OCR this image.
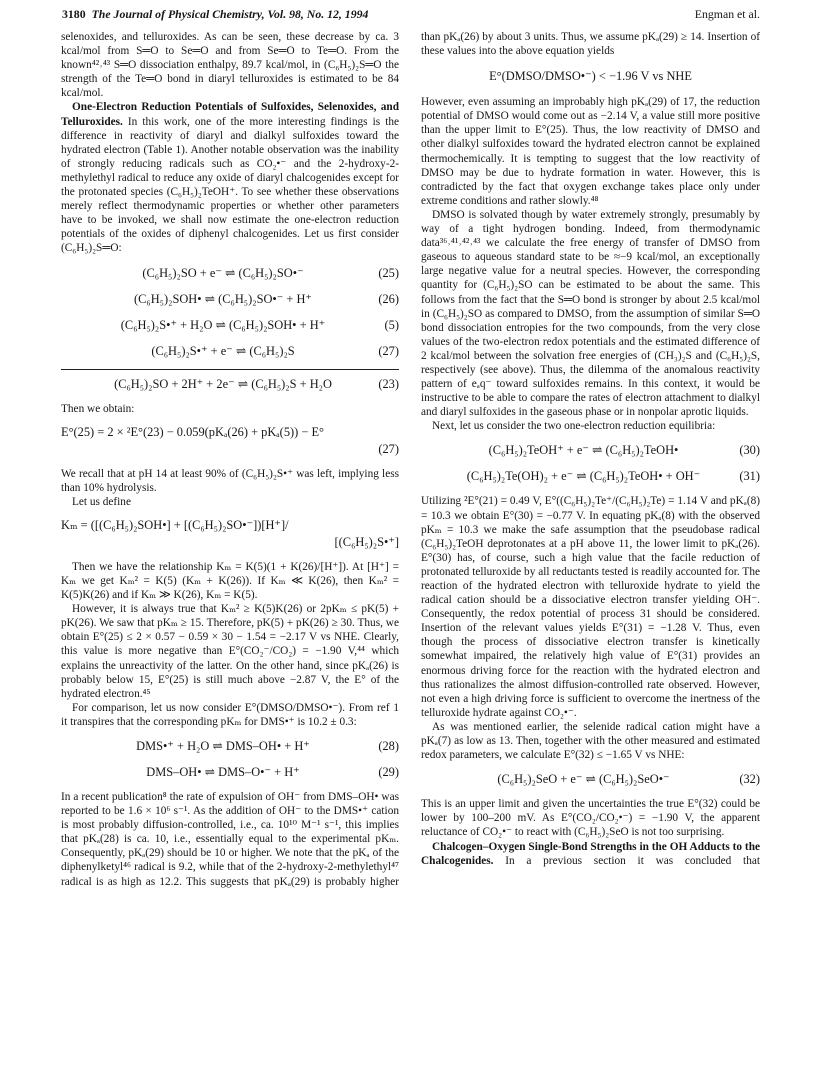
3180 The Journal of Physical Chemistry, Vol. 98, No. 12, 1994	Engman et al.

selenoxides, and telluroxides. As can be seen, these decrease by ca. 3 kcal/mol from S═O to Se═O and from Se═O to Te═O. From the known⁴²˒⁴³ S═O dissociation enthalpy, 89.7 kcal/mol, in (C₆H₅)₂S═O the strength of the Te═O bond in diaryl telluroxides is estimated to be 84 kcal/mol.

One-Electron Reduction Potentials of Sulfoxides, Selenoxides, and Telluroxides. In this work, one of the more interesting findings is the difference in reactivity of diaryl and dialkyl sulfoxides toward the hydrated electron (Table 1). Another notable observation was the inability of strongly reducing radicals such as CO₂•⁻ and the 2-hydroxy-2-methylethyl radical to reduce any oxide of diaryl chalcogenides except for the protonated species (C₆H₅)₂TeOH⁺. To see whether these observations merely reflect thermodynamic properties or whether other parameters have to be invoked, we shall now estimate the one-electron reduction potentials of the oxides of diphenyl chalcogenides. Let us first consider (C₆H₅)₂S═O:

(C₆H₅)₂SO + e⁻ ⇌ (C₆H₅)₂SO•⁻	(25)
(C₆H₅)₂SOH• ⇌ (C₆H₅)₂SO•⁻ + H⁺	(26)
(C₆H₅)₂S•⁺ + H₂O ⇌ (C₆H₅)₂SOH• + H⁺	(5)
(C₆H₅)₂S•⁺ + e⁻ ⇌ (C₆H₅)₂S	(27)
(C₆H₅)₂SO + 2H⁺ + 2e⁻ ⇌ (C₆H₅)₂S + H₂O	(23)

Then we obtain:

E°(25) = 2 × ²E°(23) − 0.059(pKₐ(26) + pKₐ(5)) − E°
(27)

We recall that at pH 14 at least 90% of (C₆H₅)₂S•⁺ was left, implying less than 10% hydrolysis.

Let us define

Kₘ = ([(C₆H₅)₂SOH•] + [(C₆H₅)₂SO•⁻])[H⁺]/
[(C₆H₅)₂S•⁺]

Then we have the relationship Kₘ = K(5)(1 + K(26)/[H⁺]). At [H⁺] = Kₘ we get Kₘ² = K(5) (Kₘ + K(26)). If Kₘ ≪ K(26), then Kₘ² = K(5)K(26) and if Kₘ ≫ K(26), Kₘ = K(5).

However, it is always true that Kₘ² ≥ K(5)K(26) or 2pKₘ ≤ pK(5) + pK(26). We saw that pKₘ ≥ 15. Therefore, pK(5) + pK(26) ≥ 30. Thus, we obtain E°(25) ≤ 2 × 0.57 − 0.59 × 30 − 1.54 = −2.17 V vs NHE. Clearly, this value is more negative than E°(CO₂⁻/CO₂) = −1.90 V,⁴⁴ which explains the unreactivity of the latter. On the other hand, since pKₐ(26) is probably below 15, E°(25) is still much above −2.87 V, the E° of the hydrated electron.⁴⁵

For comparison, let us now consider E°(DMSO/DMSO•⁻). From ref 1 it transpires that the corresponding pKₘ for DMS•⁺ is 10.2 ± 0.3:

DMS•⁺ + H₂O ⇌ DMS–OH• + H⁺	(28)
DMS–OH• ⇌ DMS–O•⁻ + H⁺	(29)

In a recent publication⁸ the rate of expulsion of OH⁻ from DMS–OH• was reported to be 1.6 × 10⁶ s⁻¹. As the addition of OH⁻ to the DMS•⁺ cation is most probably diffusion-controlled, i.e., ca. 10¹⁰ M⁻¹ s⁻¹, this implies that pKₐ(28) is ca. 10, i.e., essentially equal to the experimental pKₘ. Consequently, pKₐ(29) should be 10 or higher. We note that the pKₐ of the diphenylketyl⁴⁶ radical is 9.2, while that of the 2-hydroxy-2-methylethyl⁴⁷ radical is as high as 12.2. This suggests that pKₐ(29) is probably higher

than pKₐ(26) by about 3 units. Thus, we assume pKₐ(29) ≥ 14. Insertion of these values into the above equation yields

E°(DMSO/DMSO•⁻) < −1.96 V vs NHE

However, even assuming an improbably high pKₐ(29) of 17, the reduction potential of DMSO would come out as −2.14 V, a value still more positive than the upper limit to E°(25). Thus, the low reactivity of DMSO and other dialkyl sulfoxides toward the hydrated electron cannot be explained thermochemically. It is tempting to suggest that the low reactivity of DMSO may be due to hydrate formation in water. However, this is contradicted by the fact that oxygen exchange takes place only under extreme conditions and rather slowly.⁴⁸

DMSO is solvated though by water extremely strongly, presumably by way of a tight hydrogen bonding. Indeed, from thermodynamic data³⁶˒⁴¹˒⁴²˒⁴³ we calculate the free energy of transfer of DMSO from gaseous to aqueous standard state to be ≈−9 kcal/mol, an exceptionally large negative value for a neutral species. However, the corresponding quantity for (C₆H₅)₂SO can be estimated to be about the same. This follows from the fact that the S═O bond is stronger by about 2.5 kcal/mol in (C₆H₅)₂SO as compared to DMSO, from the assumption of similar S═O bond dissociation entropies for the two compounds, from the very close values of the two-electron redox potentials and the estimated difference of 2 kcal/mol between the solvation free energies of (CH₃)₂S and (C₆H₅)₂S, respectively (see above). Thus, the dilemma of the anomalous reactivity pattern of eₐq⁻ toward sulfoxides remains. In this context, it would be instructive to be able to compare the rates of electron attachment to dialkyl and diaryl sulfoxides in the gaseous phase or in nonpolar aprotic liquids.

Next, let us consider the two one-electron reduction equilibria:

(C₆H₅)₂TeOH⁺ + e⁻ ⇌ (C₆H₅)₂TeOH•	(30)
(C₆H₅)₂Te(OH)₂ + e⁻ ⇌ (C₆H₅)₂TeOH• + OH⁻	(31)

Utilizing ²E°(21) = 0.49 V, E°((C₆H₅)₂Te⁺/(C₆H₅)₂Te) = 1.14 V and pKₐ(8) = 10.3 we obtain E°(30) = −0.77 V. In equating pKₐ(8) with the observed pKₘ = 10.3 we make the safe assumption that the pseudobase radical (C₆H₅)₂TeOH deprotonates at a pH above 11, the lower limit to pKₐ(26). E°(30) has, of course, such a high value that the facile reduction of protonated telluroxide by all reductants tested is readily accounted for. The reaction of the hydrated electron with telluroxide hydrate to yield the radical cation should be a dissociative electron transfer yielding OH⁻. Consequently, the redox potential of process 31 should be considered. Insertion of the relevant values yields E°(31) = −1.28 V. Thus, even though the process of dissociative electron transfer is kinetically somewhat impaired, the relatively high value of E°(31) provides an enormous driving force for the reaction with the hydrated electron and thus rationalizes the almost diffusion-controlled rate observed. However, not even a high driving force is sufficient to overcome the inertness of the telluroxide hydrate against CO₂•⁻.

As was mentioned earlier, the selenide radical cation might have a pKₐ(7) as low as 13. Then, together with the other measured and estimated redox parameters, we calculate E°(32) ≤ −1.65 V vs NHE:

(C₆H₅)₂SeO + e⁻ ⇌ (C₆H₅)₂SeO•⁻	(32)

This is an upper limit and given the uncertainties the true E°(32) could be lower by 100–200 mV. As E°(CO₂/CO₂•⁻) = −1.90 V, the apparent reluctance of CO₂•⁻ to react with (C₆H₅)₂SeO is not too surprising.

Chalcogen–Oxygen Single-Bond Strengths in the OH Adducts to the Chalcogenides. In a previous section it was concluded that
